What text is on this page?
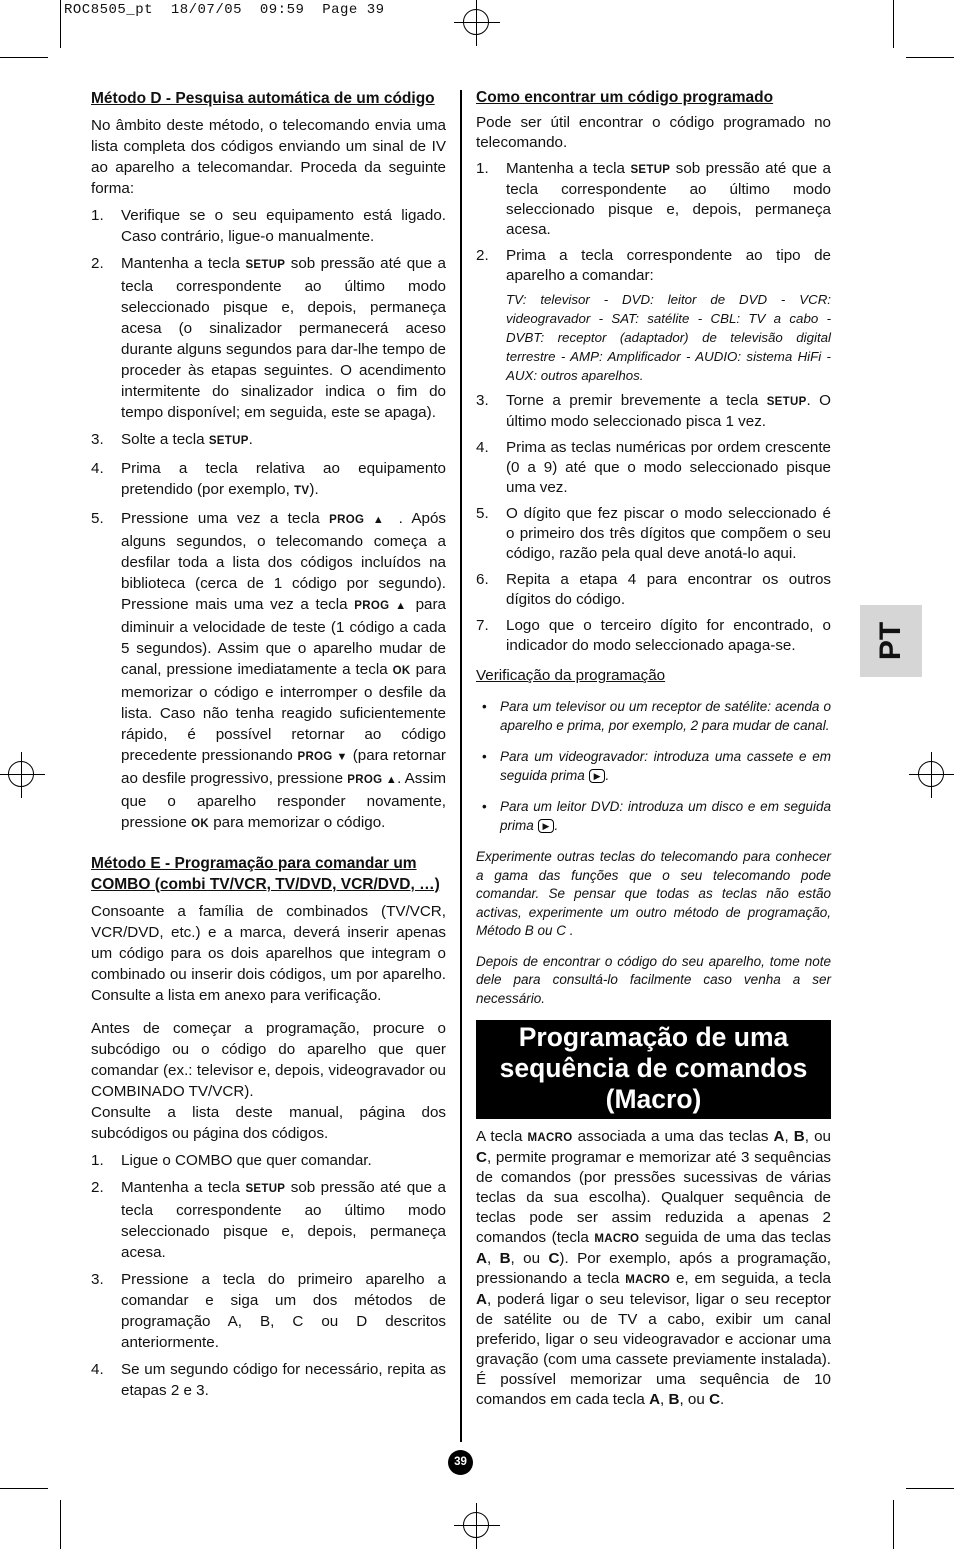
ROC8505_pt 18/07/05 09:59 Page 39
PT
Método D - Pesquisa automática de um código

No âmbito deste método, o telecomando envia uma lista completa dos códigos enviando um sinal de IV ao aparelho a telecomandar. Proceda da seguinte forma:

1. Verifique se o seu equipamento está ligado. Caso contrário, ligue-o manualmente.
2. Mantenha a tecla SETUP sob pressão até que a tecla correspondente ao último modo seleccionado pisque e, depois, permaneça acesa (o sinalizador permanecerá aceso durante alguns segundos para dar-lhe tempo de proceder às etapas seguintes. O acendimento intermitente do sinalizador indica o fim do tempo disponível; em seguida, este se apaga).
3. Solte a tecla SETUP.
4. Prima a tecla relativa ao equipamento pretendido (por exemplo, TV).
5. Pressione uma vez a tecla PROG ▲ . Após alguns segundos, o telecomando começa a desfilar toda a lista dos códigos incluídos na biblioteca (cerca de 1 código por segundo). Pressione mais uma vez a tecla PROG ▲ para diminuir a velocidade de teste (1 código a cada 5 segundos). Assim que o aparelho mudar de canal, pressione imediatamente a tecla OK para memorizar o código e interromper o desfile da lista. Caso não tenha reagido suficientemente rápido, é possível retornar ao código precedente pressionando PROG ▼ (para retornar ao desfile progressivo, pressione PROG ▲. Assim que o aparelho responder novamente, pressione OK para memorizar o código.
Método E - Programação para comandar um COMBO (combi TV/VCR, TV/DVD, VCR/DVD, …)

Consoante a família de combinados (TV/VCR, VCR/DVD, etc.) e a marca, deverá inserir apenas um código para os dois aparelhos que integram o combinado ou inserir dois códigos, um por aparelho. Consulte a lista em anexo para verificação.

Antes de começar a programação, procure o subcódigo ou o código do aparelho que quer comandar (ex.: televisor e, depois, videogravador ou COMBINADO TV/VCR).

Consulte a lista deste manual, página dos subcódigos ou página dos códigos.

1. Ligue o COMBO que quer comandar.
2. Mantenha a tecla SETUP sob pressão até que a tecla correspondente ao último modo seleccionado pisque e, depois, permaneça acesa.
3. Pressione a tecla do primeiro aparelho a comandar e siga um dos métodos de programação A, B, C ou D descritos anteriormente.
4. Se um segundo código for necessário, repita as etapas 2 e 3.
Como encontrar um código programado

Pode ser útil encontrar o código programado no telecomando.

1. Mantenha a tecla SETUP sob pressão até que a tecla correspondente ao último modo seleccionado pisque e, depois, permaneça acesa.
2. Prima a tecla correspondente ao tipo de aparelho a comandar:
TV: televisor - DVD: leitor de DVD - VCR: videogravador - SAT: satélite - CBL: TV a cabo - DVBT: receptor (adaptador) de televisão digital terrestre - AMP: Amplificador - AUDIO: sistema HiFi - AUX: outros aparelhos.
3. Torne a premir brevemente a tecla SETUP. O último modo seleccionado pisca 1 vez.
4. Prima as teclas numéricas por ordem crescente (0 a 9) até que o modo seleccionado pisque uma vez.
5. O dígito que fez piscar o modo seleccionado é o primeiro dos três dígitos que compõem o seu código, razão pela qual deve anotá-lo aqui.
6. Repita a etapa 4 para encontrar os outros dígitos do código.
7. Logo que o terceiro dígito for encontrado, o indicador do modo seleccionado apaga-se.
Verificação da programação
• Para um televisor ou um receptor de satélite: acenda o aparelho e prima, por exemplo, 2 para mudar de canal.
• Para um videogravador: introduza uma cassete e em seguida prima ▶ .
• Para um leitor DVD: introduza um disco e em seguida prima ▶ .

Experimente outras teclas do telecomando para conhecer a gama das funções que o seu telecomando pode comandar. Se pensar que todas as teclas não estão activas, experimente um outro método de programação, Método B ou C .

Depois de encontrar o código do seu aparelho, tome note dele para consultá-lo facilmente caso venha a ser necessário.

Programação de uma sequência de comandos (Macro)

A tecla MACRO associada a uma das teclas A, B, ou C, permite programar e memorizar até 3 sequências de comandos (por pressões sucessivas de várias teclas da sua escolha). Qualquer sequência de teclas pode ser assim reduzida a apenas 2 comandos (tecla MACRO seguida de uma das teclas A, B, ou C). Por exemplo, após a programação, pressionando a tecla MACRO e, em seguida, a tecla A, poderá ligar o seu televisor, ligar o seu receptor de satélite ou de TV a cabo, exibir um canal preferido, ligar o seu videogravador e accionar uma gravação (com uma cassete previamente instalada). É possível memorizar uma sequência de 10 comandos em cada tecla A, B, ou C.

39
